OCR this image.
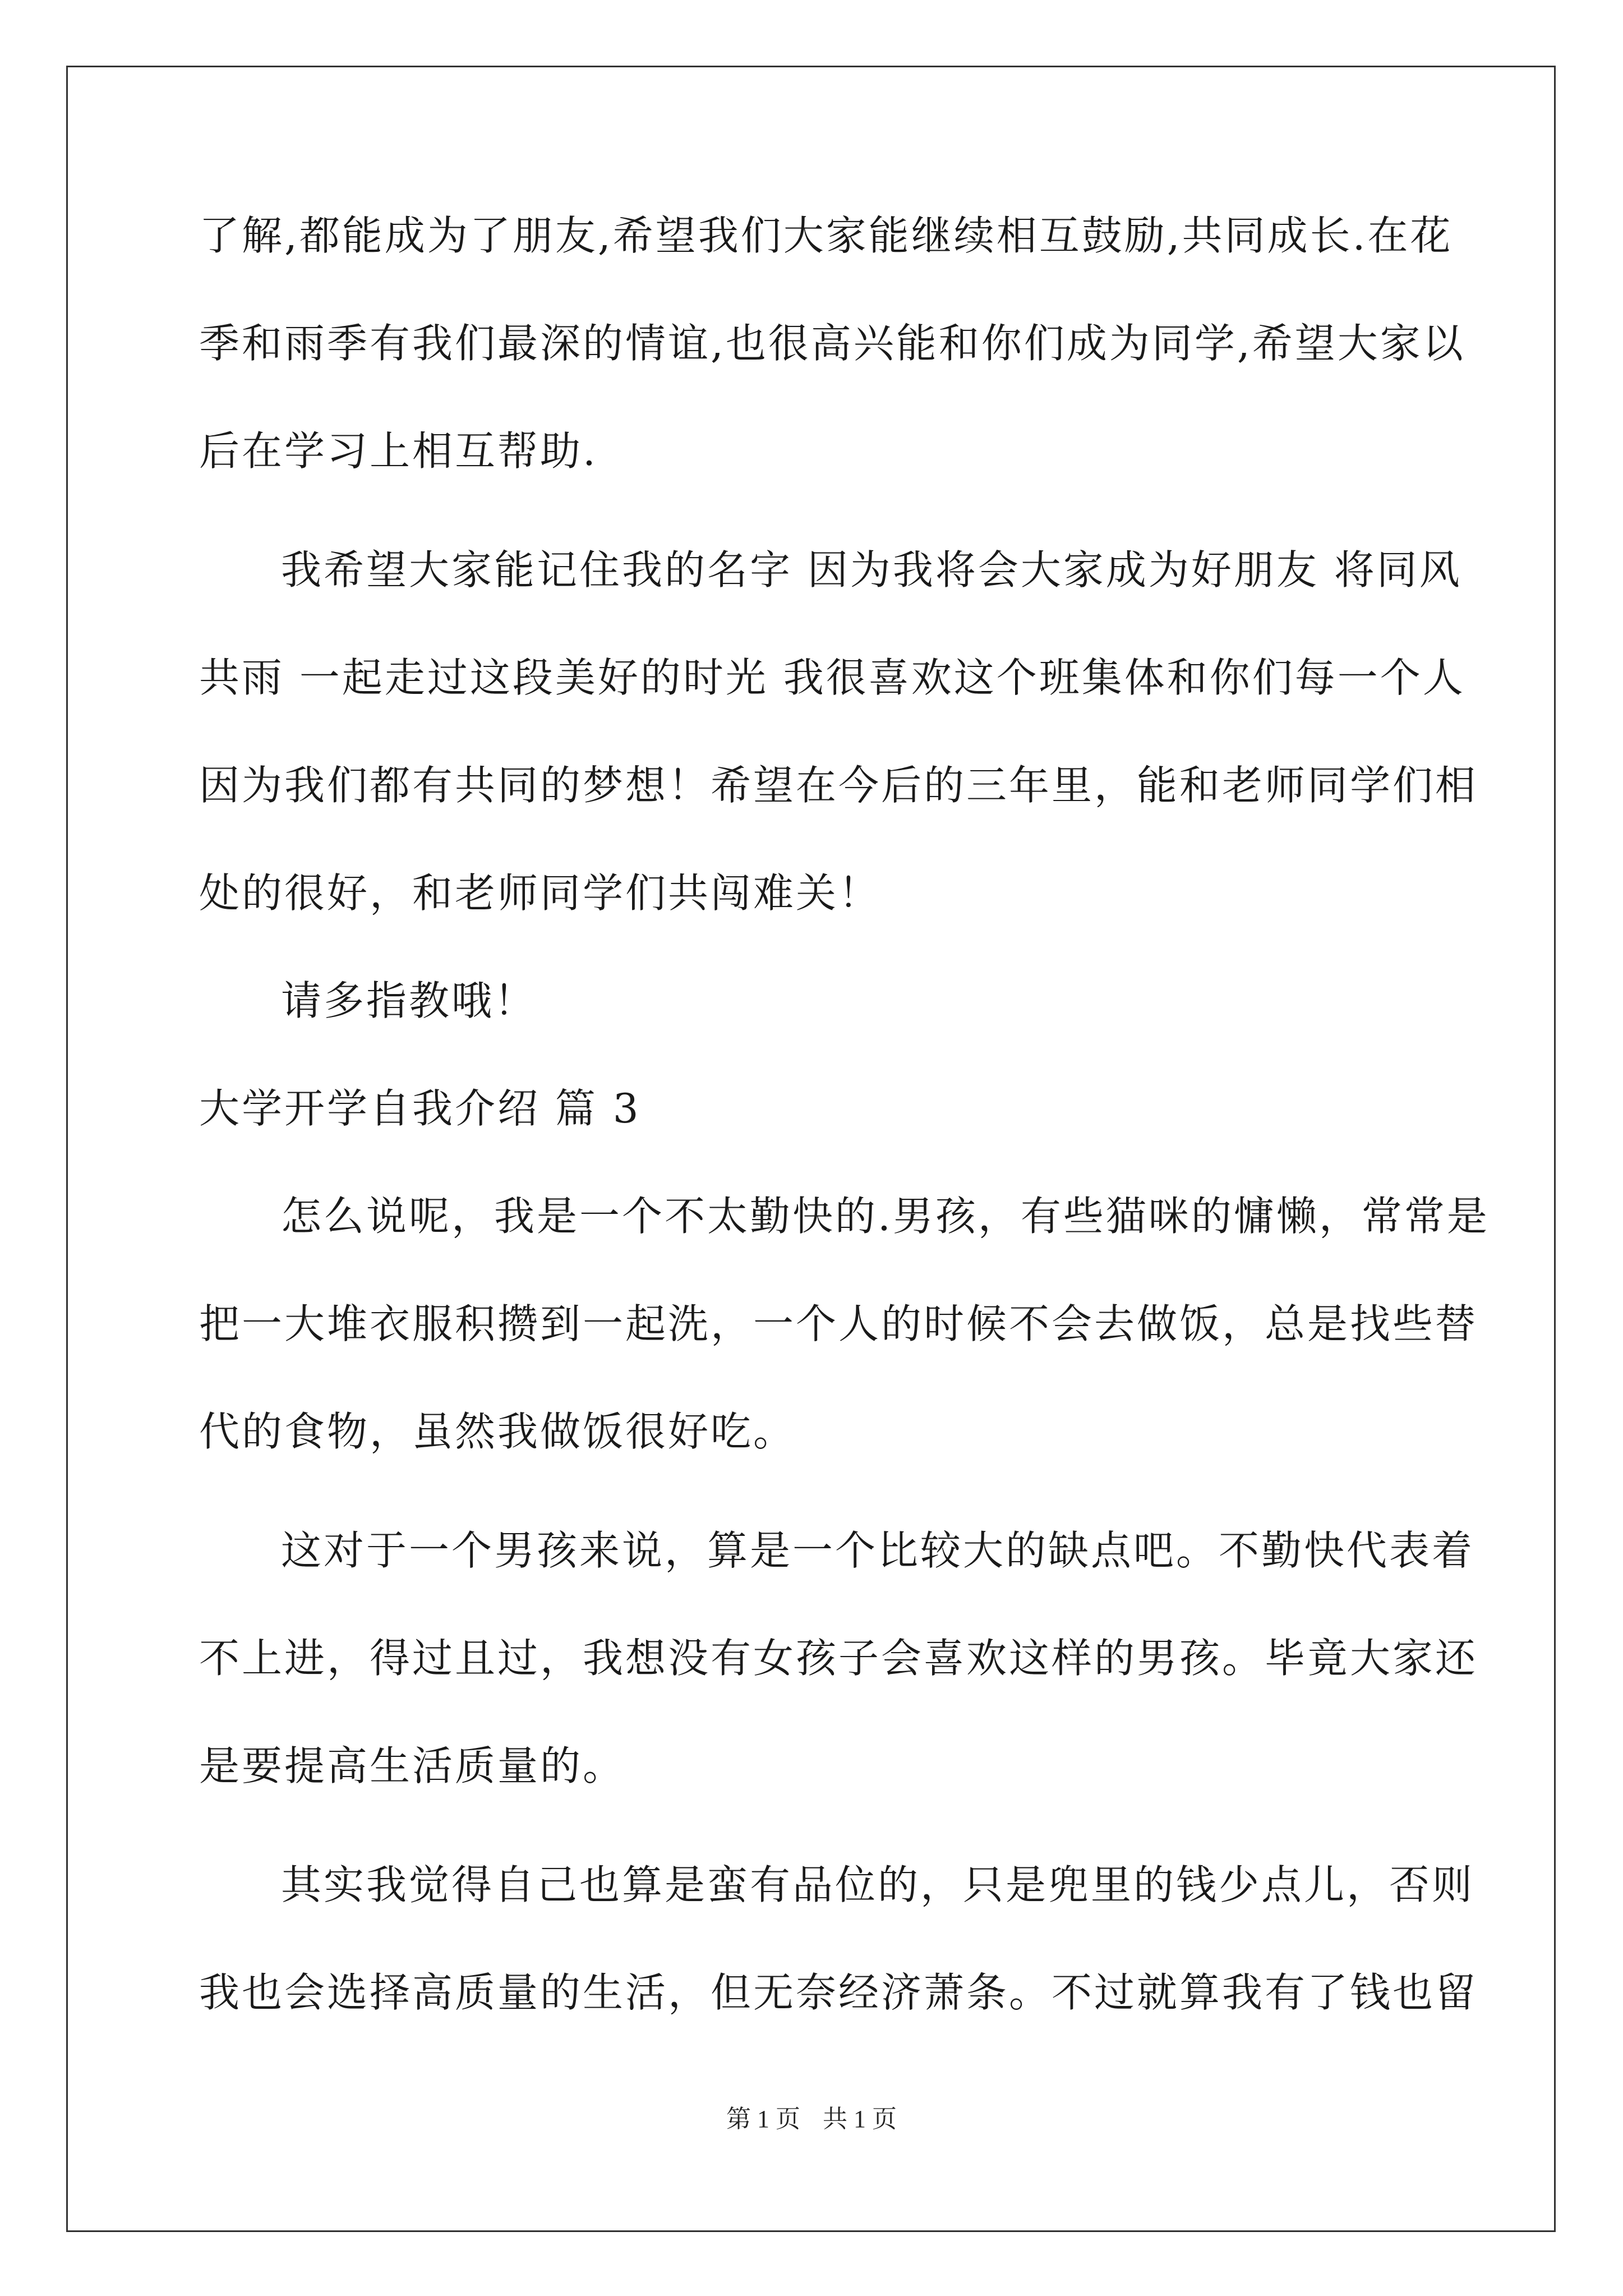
了解,都能成为了朋友,希望我们大家能继续相互鼓励,共同成长.在花
季和雨季有我们最深的情谊,也很高兴能和你们成为同学,希望大家以
后在学习上相互帮助.
我希望大家能记住我的名字 因为我将会大家成为好朋友 将同风
共雨 一起走过这段美好的时光 我很喜欢这个班集体和你们每一个人
因为我们都有共同的梦想！希望在今后的三年里，能和老师同学们相
处的很好，和老师同学们共闯难关！
请多指教哦！
大学开学自我介绍 篇 3
怎么说呢，我是一个不太勤快的.男孩，有些猫咪的慵懒，常常是
把一大堆衣服积攒到一起洗，一个人的时候不会去做饭，总是找些替
代的食物，虽然我做饭很好吃。
这对于一个男孩来说，算是一个比较大的缺点吧。不勤快代表着
不上进，得过且过，我想没有女孩子会喜欢这样的男孩。毕竟大家还
是要提高生活质量的。
其实我觉得自己也算是蛮有品位的，只是兜里的钱少点儿，否则
我也会选择高质量的生活，但无奈经济萧条。不过就算我有了钱也留
第 1 页 共 1 页
